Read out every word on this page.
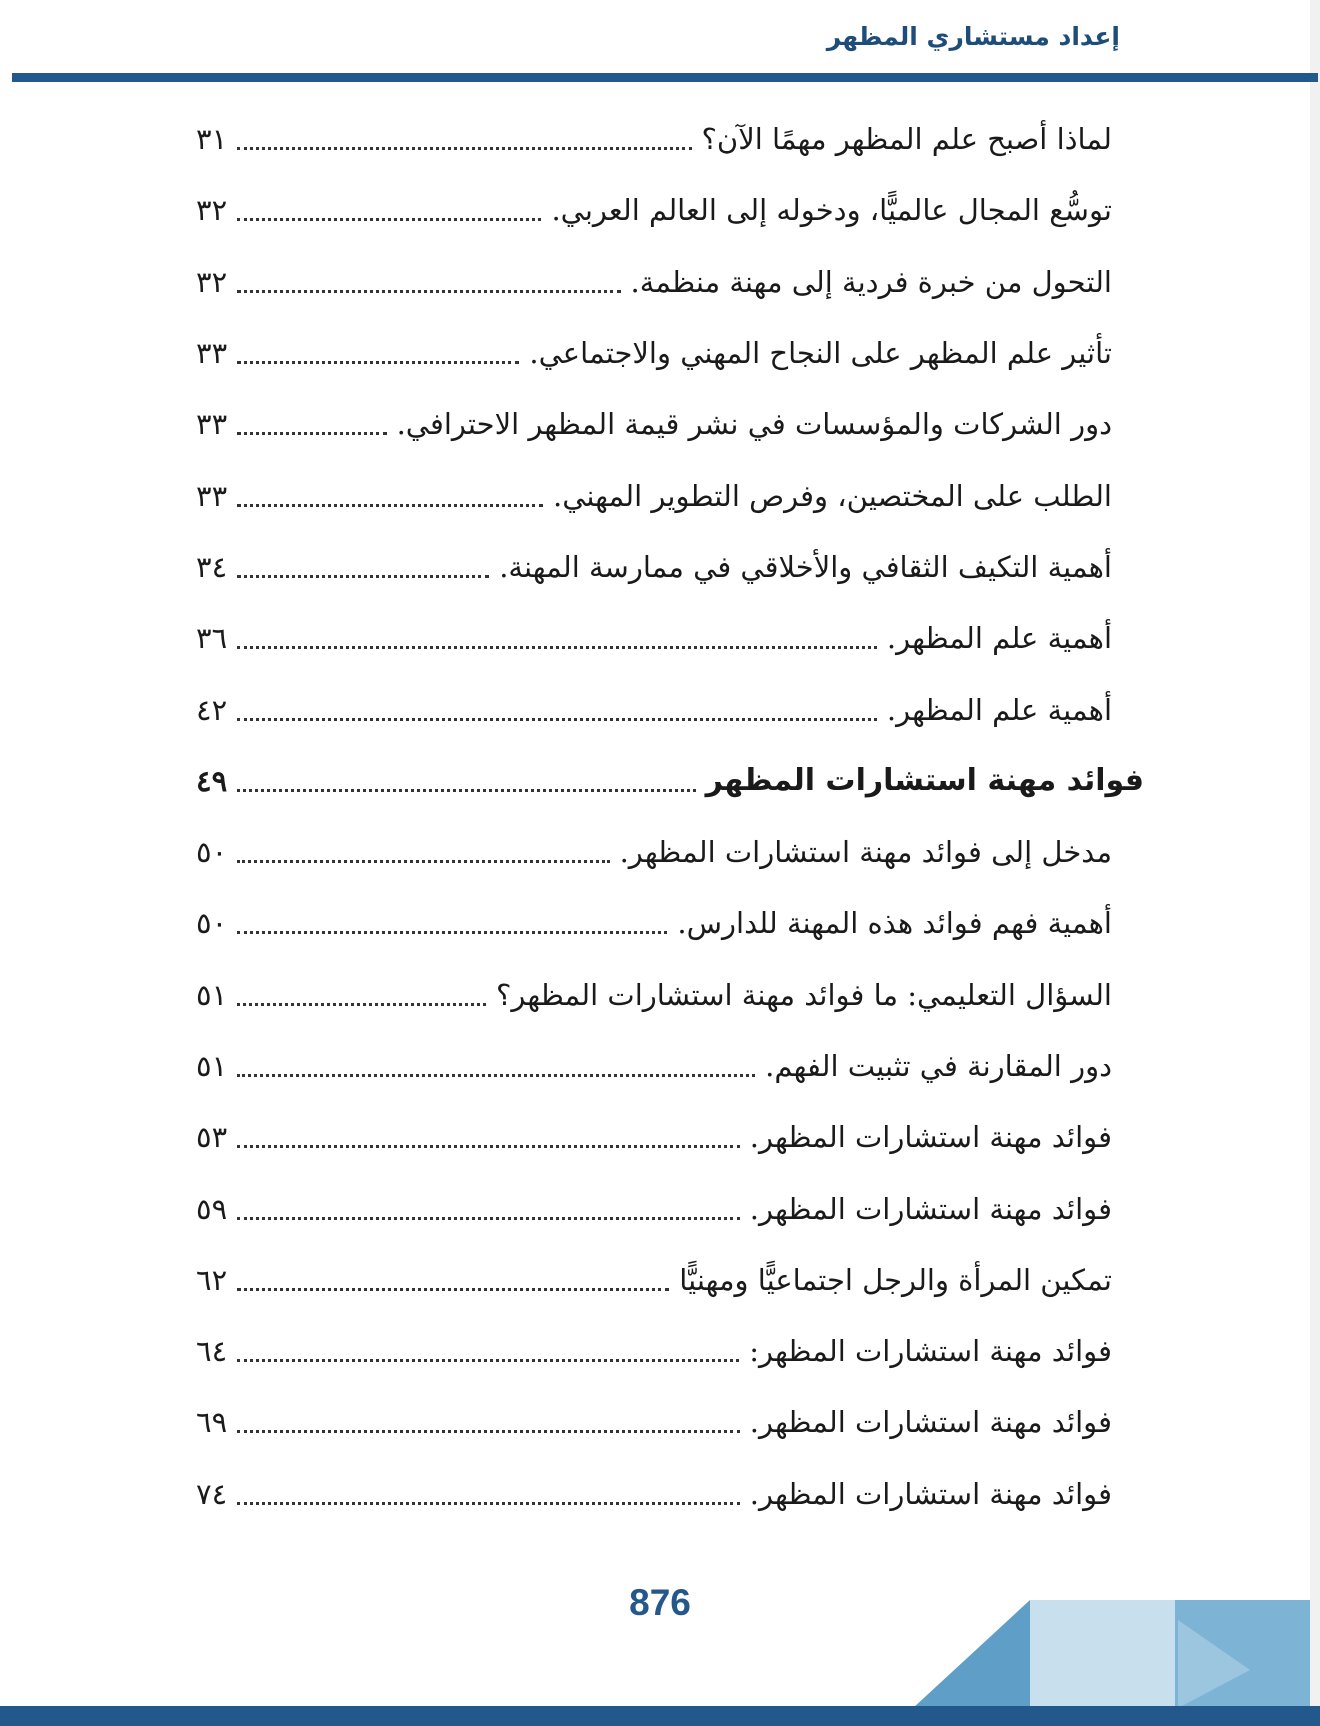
إعداد مستشاري المظهر
لماذا أصبح علم المظهر مهمًا الآن؟
٣١
توسُّع المجال عالميًّا، ودخوله إلى العالم العربي.
٣٢
التحول من خبرة فردية إلى مهنة منظمة.
٣٢
تأثير علم المظهر على النجاح المهني والاجتماعي.
٣٣
دور الشركات والمؤسسات في نشر قيمة المظهر الاحترافي.
٣٣
الطلب على المختصين، وفرص التطوير المهني.
٣٣
أهمية التكيف الثقافي والأخلاقي في ممارسة المهنة.
٣٤
أهمية علم المظهر.
٣٦
أهمية علم المظهر.
٤٢
فوائد مهنة استشارات المظهر
٤٩
مدخل إلى فوائد مهنة استشارات المظهر.
٥٠
أهمية فهم فوائد هذه المهنة للدارس.
٥٠
السؤال التعليمي: ما فوائد مهنة استشارات المظهر؟
٥١
دور المقارنة في تثبيت الفهم.
٥١
فوائد مهنة استشارات المظهر.
٥٣
فوائد مهنة استشارات المظهر.
٥٩
تمكين المرأة والرجل اجتماعيًّا ومهنيًّا
٦٢
فوائد مهنة استشارات المظهر:
٦٤
فوائد مهنة استشارات المظهر.
٦٩
فوائد مهنة استشارات المظهر.
٧٤
876
